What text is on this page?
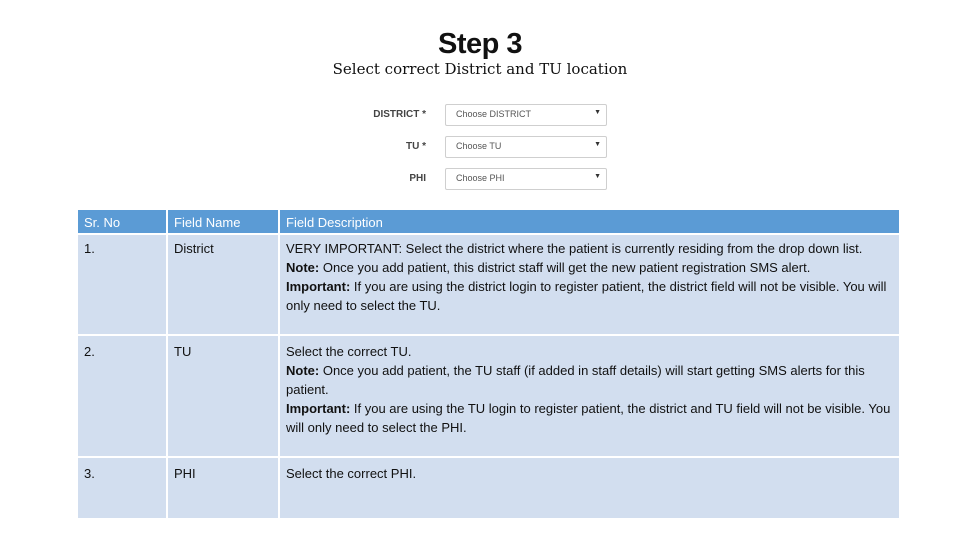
Step 3
Select correct District and TU location
DISTRICT *	Choose DISTRICT	▼
TU *	Choose TU	▼
PHI	Choose PHI	▼
Sr. No	Field Name	Field Description
1.	District	VERY IMPORTANT: Select the district where the patient is currently residing from the drop down list.
Note: Once you add patient, this district staff will get the new patient registration SMS alert.
Important: If you are using the district login to register patient, the district field will not be visible. You will only need to select the TU.

2.	TU	Select the correct TU.
Note: Once you add patient, the TU staff (if added in staff details) will start getting SMS alerts for this patient.
Important: If you are using the TU login to register patient, the district and TU field will not be visible. You will only need to select the PHI.

3.	PHI	Select the correct PHI.
